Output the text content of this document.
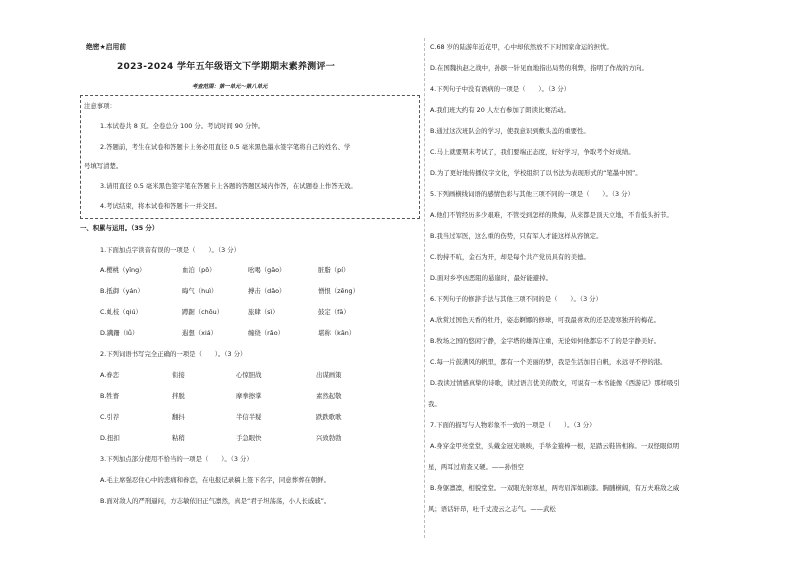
绝密★启用前
2023-2024 学年五年级语文下学期期末素养测评一
考查范围：第一单元～第八单元
注意事项：
1.本试卷共 8 页。全卷总分 100 分。考试时间 90 分钟。
2.答题前，考生在试卷和答题卡上务必用直径 0.5 毫米黑色墨水签字笔将自己的姓名、学
号填写清楚。
3.请用直径 0.5 毫米黑色签字笔在答题卡上各题的答题区域内作答，在试题卷上作答无效。
4.考试结束，将本试卷和答题卡一并交回。
一、积累与运用。（35 分）
1.下面加点字读音有误的一项是（　　）。（3 分）
A.樱桃（yīng）	血泊（pō）	吆喝（gāo）	脏脂（pí）
B.抵御（yán）	晦气（huì）	搏击（dǎo）	憎恨（zēng）
C.虬枝（qiú）	蹲踞（chōu）	旅肆（sì）	鼓定（fā）
D.蹒跚（lǚ）	遐想（xiá）	缠绕（rǎo）	堪称（kān）
2.下列词语书写完全正确的一项是（　　）。（3 分）
A.眷恋	衔接	心惊胆战	出谋画策
B.牲畜	拌脱	摩拳擦掌	素然起敬
C.引荐	翻抖	半信半疑	跌跌歌歌
D.扭扣	粘稍	手急眼快	兴致勃勃
3.下列加点部分使用不恰当的一项是（　　）。（3 分）
A.毛主席强忍住心中的悲痛和眷恋，在电报记录稿上签下名字，同意葬葬在朝鲜。
B.面对敌人的严刑逼问，方志敏依旧正气凛然，真是“君子坦荡荡，小人长戚戚”。
C.68 岁的陆游年近花甲，心中却依然放不下对国家命运的担忧。
D.在国魏执赵之战中，孙膑一针见血地指出局势的利弊，指明了作战的方向。
4.下列句子中没有语病的一项是（　　）。（3 分）
A.我们班大约有 20 人左右参加了朗读比赛活动。
B.通过这次班队会的学习，使我意识到敷头盖的重要性。
C.马上就要期末考试了，我们要端正态度，好好学习，争取考个好成绩。
D.为了更好地传播仪字文化，学校组织了以书法为表现形式的“笔墨中国”。
5.下列画横线词语的感情色彩与其他三项不同的一项是（　　）。（3 分）
A.他们不管经历多少艰难，不管受到怎样的欺侮，从来都是顶天立地，不肯低头折节。
B.我当过军医，这么重的伤势，只有军人才能这样从容镇定。
C.豹持不吭，金石为开，却是每个共产党员具有的美德。
D.面对乡亭凶恶阻的悬崖时，最好能避掉。
6.下列句子的修辞手法与其他三项不同的是（　　）。（3 分）
A.欣赏过国色天香的牡丹，姿态婀娜的修球，可我最喜欢的还是凌寒独开的梅花。
B.牧场之国的悠闲宁静，金字塔的雄浑庄重，无论如何他都忘不了的是宇静美好。
C.每一片鼓满风的帆里，都有一个美丽的梦，我是生活加目自帆，永远寻不停的港。
D.我读过情感真挚的诗歌，读过语言优美的散文，可说有一本书能像《西游记》那样吸引
我。
7.下面的描写与人物彩象不一致的一项是（　　）。（3 分）
A.身穿金甲亮堂堂，头戴金冠光映映，手举金箍棒一根，足踏云鞋皆相称。一双怪眼似明
星，两耳过肩查又硬。——孙悟空
B.身躯凛凛，相貌堂堂。一双眼光射寒星，两弯眉浑如刷漆。胸脯横阔，有万夫难敌之威
风；语话轩昂，吐千丈凌云之志气。——武松
